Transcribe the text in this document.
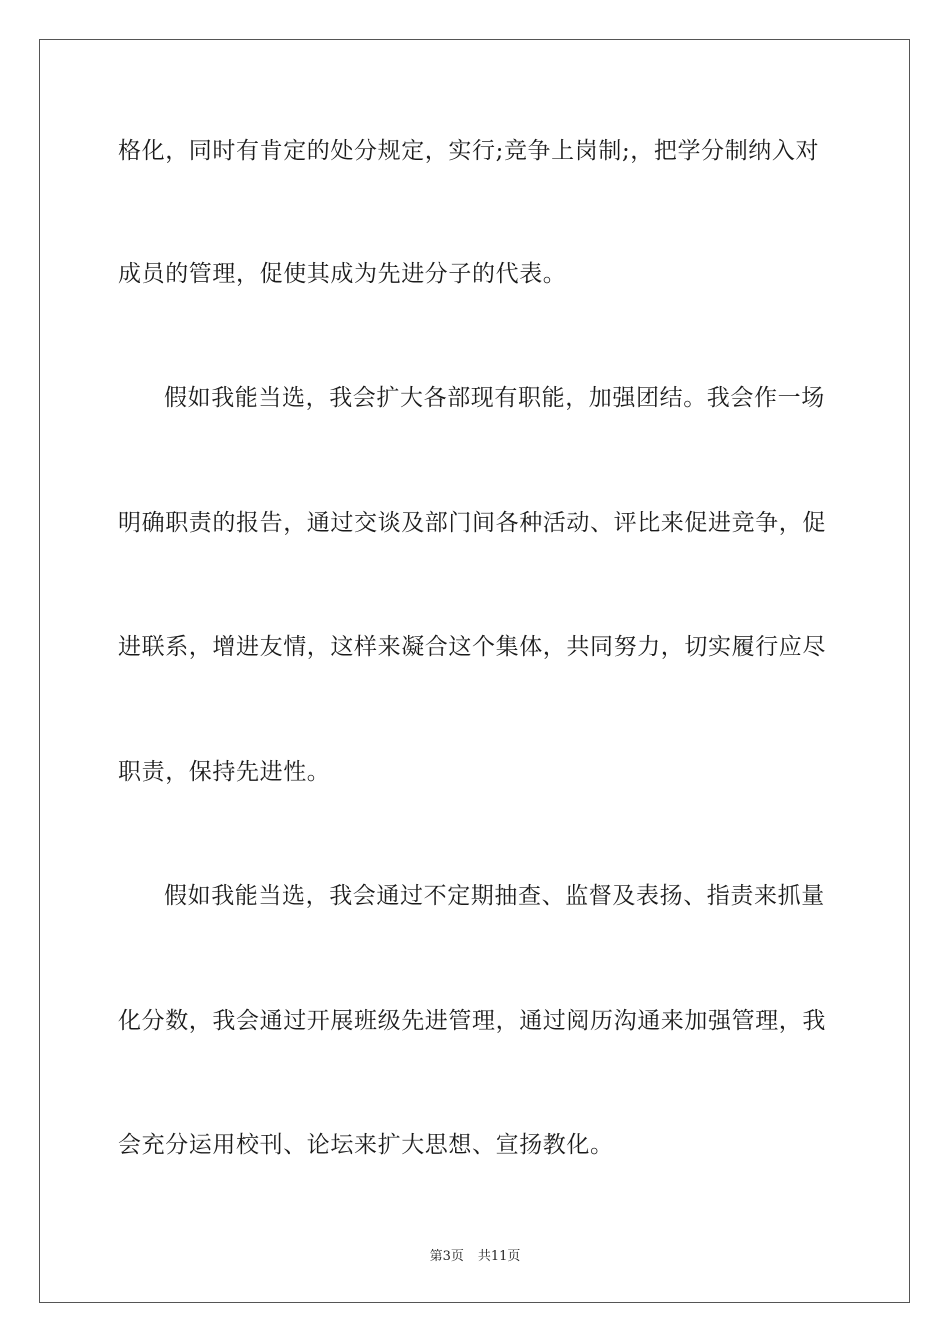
格化，同时有肯定的处分规定，实行;竞争上岗制;，把学分制纳入对
成员的管理，促使其成为先进分子的代表。
假如我能当选，我会扩大各部现有职能，加强团结。我会作一场
明确职责的报告，通过交谈及部门间各种活动、评比来促进竞争，促
进联系，增进友情，这样来凝合这个集体，共同努力，切实履行应尽
职责，保持先进性。
假如我能当选，我会通过不定期抽查、监督及表扬、指责来抓量
化分数，我会通过开展班级先进管理，通过阅历沟通来加强管理，我
会充分运用校刊、论坛来扩大思想、宣扬教化。
第3页 共11页
